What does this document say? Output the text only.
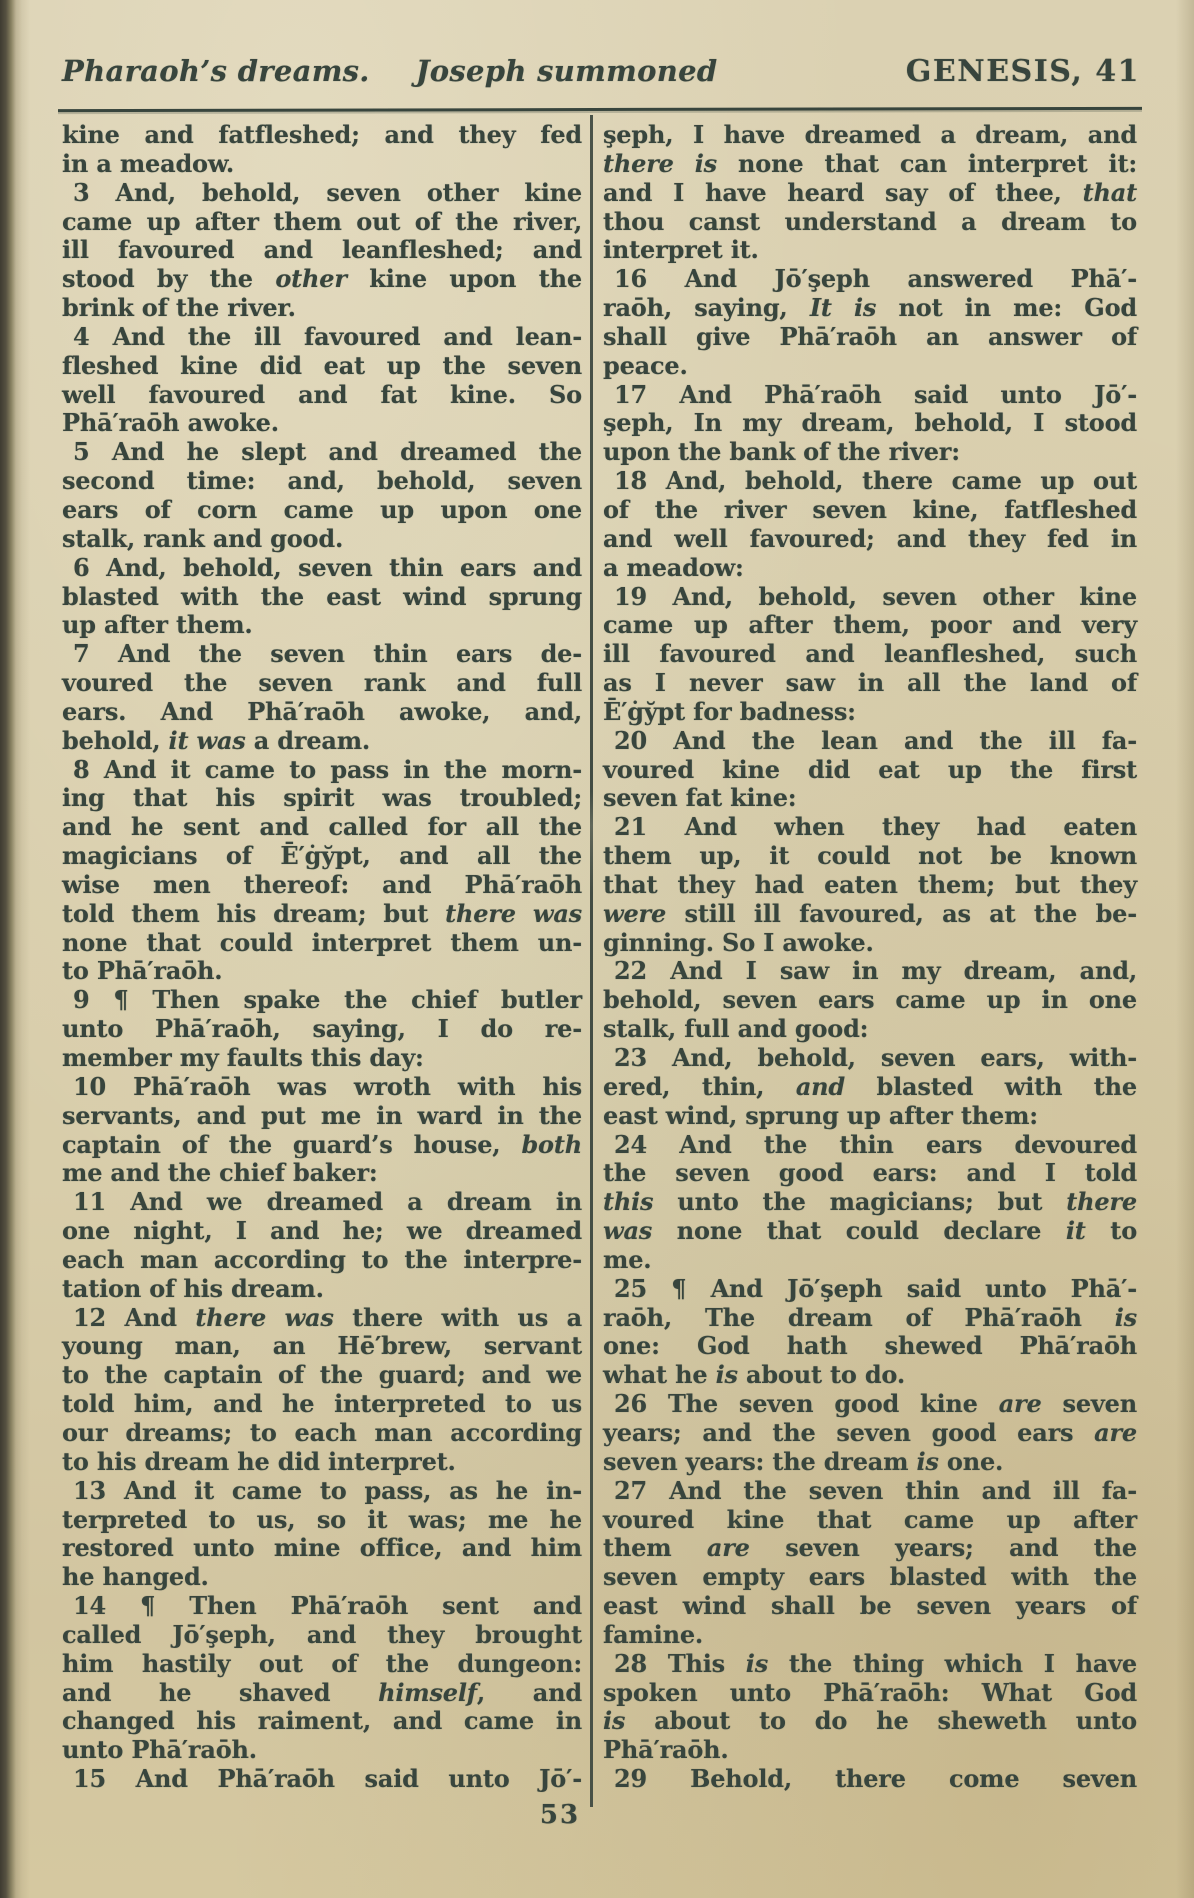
Pharaoh’s dreams. Joseph summoned	GENESIS, 41
kine and fatfleshed; and they fed
in a meadow.
3 And, behold, seven other kine
came up after them out of the river,
ill favoured and leanfleshed; and
stood by the other kine upon the
brink of the river.
4 And the ill favoured and lean-
fleshed kine did eat up the seven
well favoured and fat kine. So
Phā′raōh awoke.
5 And he slept and dreamed the
second time: and, behold, seven
ears of corn came up upon one
stalk, rank and good.
6 And, behold, seven thin ears and
blasted with the east wind sprung
up after them.
7 And the seven thin ears de-
voured the seven rank and full
ears. And Phā′raōh awoke, and,
behold, it was a dream.
8 And it came to pass in the morn-
ing that his spirit was troubled;
and he sent and called for all the
magicians of Ē′ġy̆pt, and all the
wise men thereof: and Phā′raōh
told them his dream; but there was
none that could interpret them un-
to Phā′raōh.
9 ¶ Then spake the chief butler
unto Phā′raōh, saying, I do re-
member my faults this day:
10 Phā′raōh was wroth with his
servants, and put me in ward in the
captain of the guard’s house, both
me and the chief baker:
11 And we dreamed a dream in
one night, I and he; we dreamed
each man according to the interpre-
tation of his dream.
12 And there was there with us a
young man, an Hē′brew, servant
to the captain of the guard; and we
told him, and he interpreted to us
our dreams; to each man according
to his dream he did interpret.
13 And it came to pass, as he in-
terpreted to us, so it was; me he
restored unto mine office, and him
he hanged.
14 ¶ Then Phā′raōh sent and
called Jō′şeph, and they brought
him hastily out of the dungeon:
and he shaved himself, and
changed his raiment, and came in
unto Phā′raōh.
15 And Phā′raōh said unto Jō′-
şeph, I have dreamed a dream, and
there is none that can interpret it:
and I have heard say of thee, that
thou canst understand a dream to
interpret it.
16 And Jō′şeph answered Phā′-
raōh, saying, It is not in me: God
shall give Phā′raōh an answer of
peace.
17 And Phā′raōh said unto Jō′-
şeph, In my dream, behold, I stood
upon the bank of the river:
18 And, behold, there came up out
of the river seven kine, fatfleshed
and well favoured; and they fed in
a meadow:
19 And, behold, seven other kine
came up after them, poor and very
ill favoured and leanfleshed, such
as I never saw in all the land of
Ē′ġy̆pt for badness:
20 And the lean and the ill fa-
voured kine did eat up the first
seven fat kine:
21 And when they had eaten
them up, it could not be known
that they had eaten them; but they
were still ill favoured, as at the be-
ginning. So I awoke.
22 And I saw in my dream, and,
behold, seven ears came up in one
stalk, full and good:
23 And, behold, seven ears, with-
ered, thin, and blasted with the
east wind, sprung up after them:
24 And the thin ears devoured
the seven good ears: and I told
this unto the magicians; but there
was none that could declare it to
me.
25 ¶ And Jō′şeph said unto Phā′-
raōh, The dream of Phā′raōh is
one: God hath shewed Phā′raōh
what he is about to do.
26 The seven good kine are seven
years; and the seven good ears are
seven years: the dream is one.
27 And the seven thin and ill fa-
voured kine that came up after
them are seven years; and the
seven empty ears blasted with the
east wind shall be seven years of
famine.
28 This is the thing which I have
spoken unto Phā′raōh: What God
is about to do he sheweth unto
Phā′raōh.
29 Behold, there come seven
53
